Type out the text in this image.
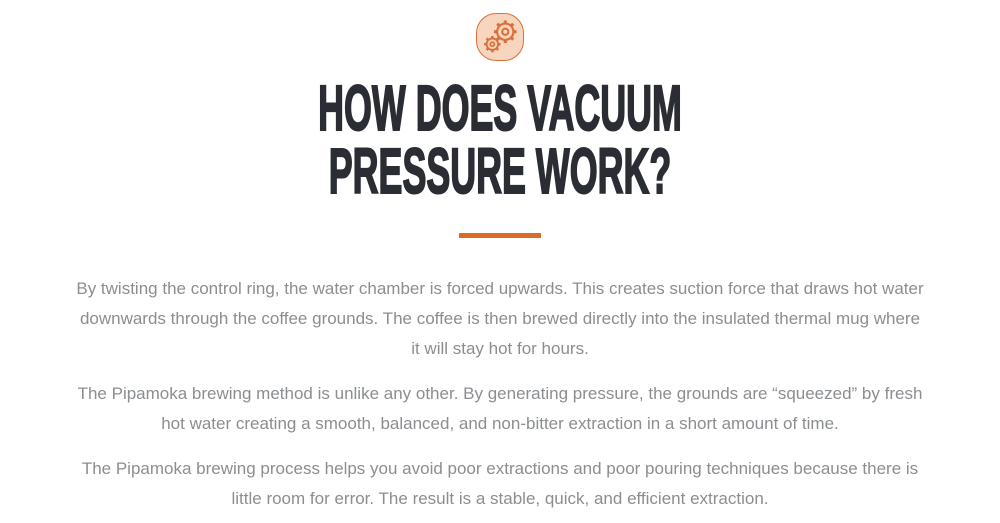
HOW DOES VACUUM
PRESSURE WORK?

By twisting the control ring, the water chamber is forced upwards. This creates suction force that draws hot water downwards through the coffee grounds. The coffee is then brewed directly into the insulated thermal mug where it will stay hot for hours.

The Pipamoka brewing method is unlike any other. By generating pressure, the grounds are “squeezed” by fresh hot water creating a smooth, balanced, and non-bitter extraction in a short amount of time.

The Pipamoka brewing process helps you avoid poor extractions and poor pouring techniques because there is little room for error. The result is a stable, quick, and efficient extraction.
